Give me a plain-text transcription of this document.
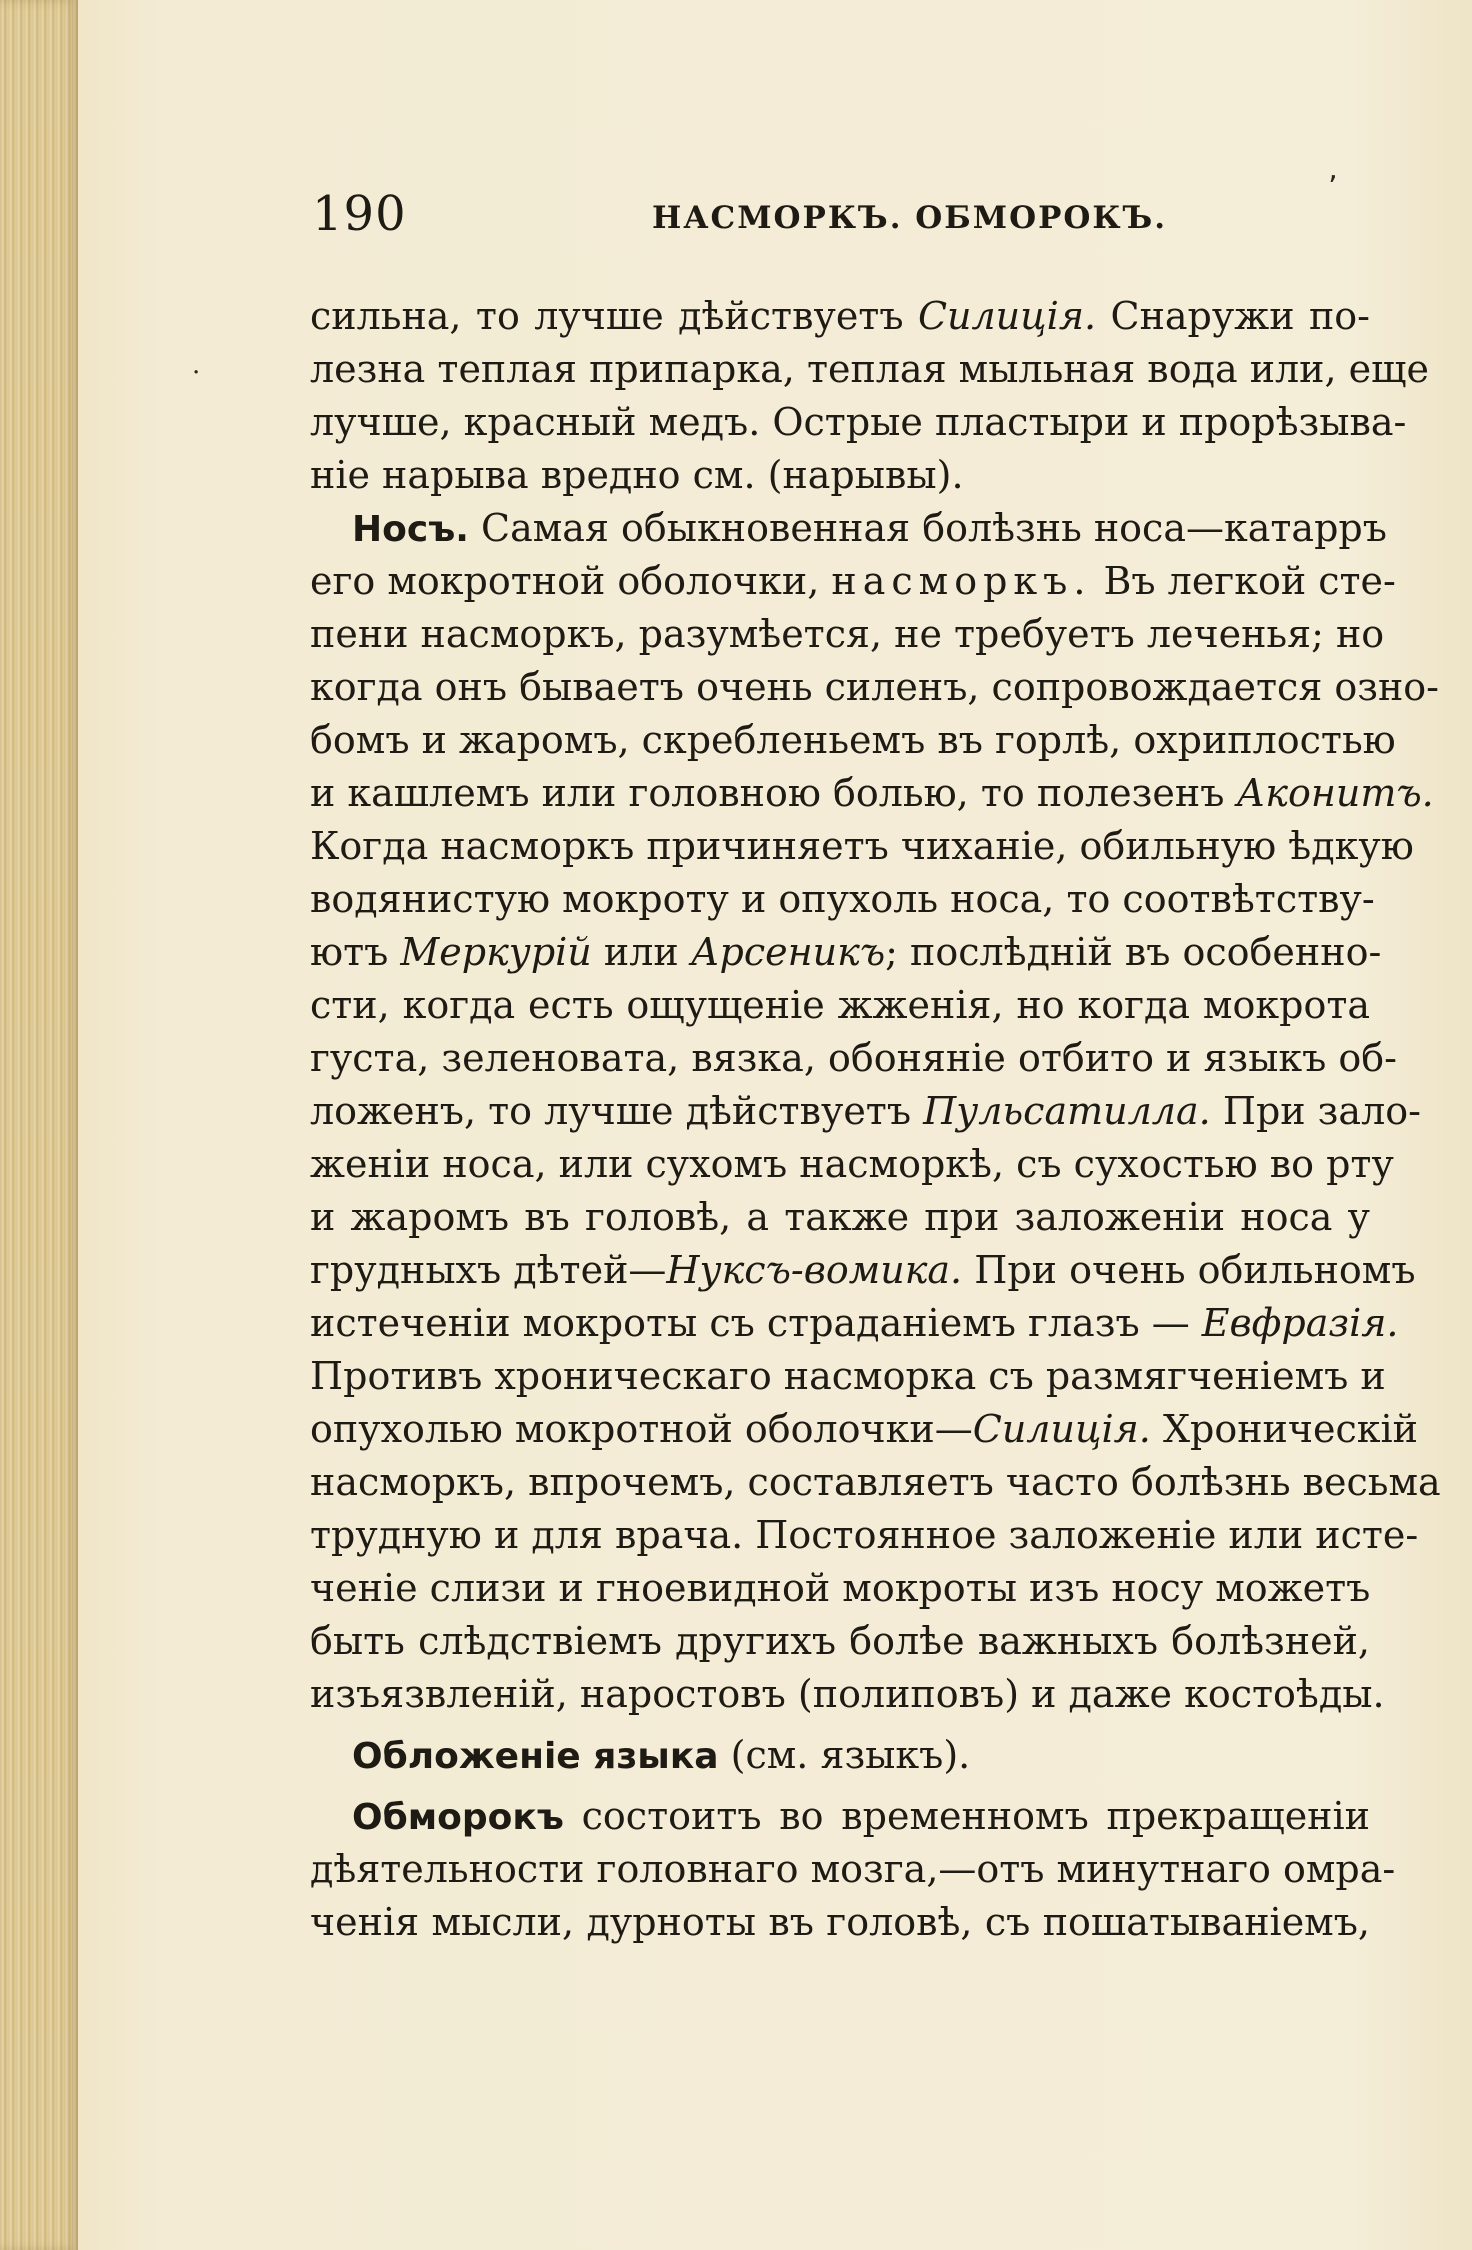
٬
·
190	НАСМОРКЪ. ОБМОРОКЪ.
сильна, то лучше дѣйствуетъ Силиція. Снаружи по-
лезна теплая припарка, теплая мыльная вода или, еще
лучше, красный медъ. Острые пластыри и прорѣзыва-
ніе нарыва вредно см. (нарывы).
Носъ. Самая обыкновенная болѣзнь носа—катарръ
его мокротной оболочки, насморкъ. Въ легкой сте-
пени насморкъ, разумѣется, не требуетъ леченья; но
когда онъ бываетъ очень силенъ, сопровождается озно-
бомъ и жаромъ, скребленьемъ въ горлѣ, охриплостью
и кашлемъ или головною болью, то полезенъ Аконитъ.
Когда насморкъ причиняетъ чиханіе, обильную ѣдкую
водянистую мокроту и опухоль носа, то соотвѣтству-
ютъ Меркурій или Арсеникъ; послѣдній въ особенно-
сти, когда есть ощущеніе жженія, но когда мокрота
густа, зеленовата, вязка, обоняніе отбито и языкъ об-
ложенъ, то лучше дѣйствуетъ Пульсатилла. При зало-
женіи носа, или сухомъ насморкѣ, съ сухостью во рту
и жаромъ въ головѣ, а также при заложеніи носа у
грудныхъ дѣтей—Нуксъ-вомика. При очень обильномъ
истеченіи мокроты съ страданіемъ глазъ — Евфразія.
Противъ хроническаго насморка съ размягченіемъ и
опухолью мокротной оболочки—Силиція. Хроническій
насморкъ, впрочемъ, составляетъ часто болѣзнь весьма
трудную и для врача. Постоянное заложеніе или исте-
ченіе слизи и гноевидной мокроты изъ носу можетъ
быть слѣдствіемъ другихъ болѣе важныхъ болѣзней,
изъязвленій, наростовъ (полиповъ) и даже костоѣды.
Обложеніе языка (см. языкъ).
Обморокъ состоитъ во временномъ прекращеніи
дѣятельности головнаго мозга,—отъ минутнаго омра-
ченія мысли, дурноты въ головѣ, съ пошатываніемъ,
